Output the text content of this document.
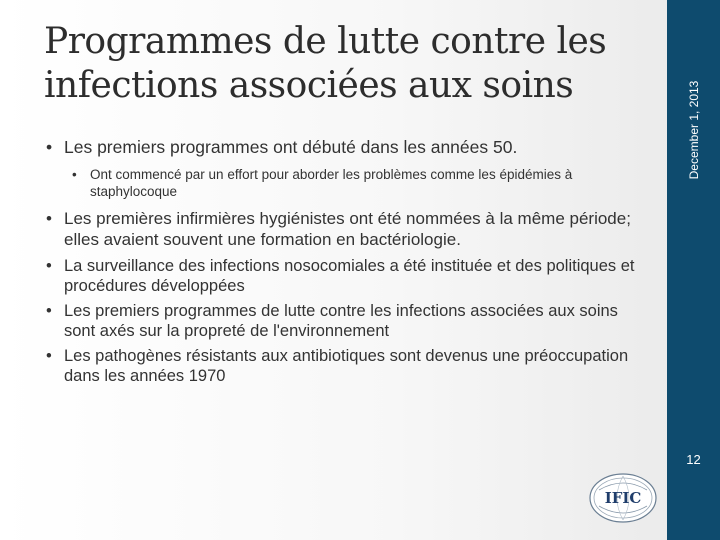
Programmes de lutte contre les
infections associées aux soins
• Les premiers programmes ont débuté dans les années 50.
• Ont commencé par un effort pour aborder les problèmes comme les épidémies à staphylocoque
• Les premières infirmières hygiénistes ont été nommées à la même période; elles avaient souvent une formation en bactériologie.
• La surveillance des infections nosocomiales a été instituée et des politiques et procédures développées
• Les premiers programmes de lutte contre les infections associées aux soins sont axés sur la propreté de l'environnement
• Les pathogènes résistants aux antibiotiques sont devenus une préoccupation dans les années 1970
December 1, 2013
12
IFIC
